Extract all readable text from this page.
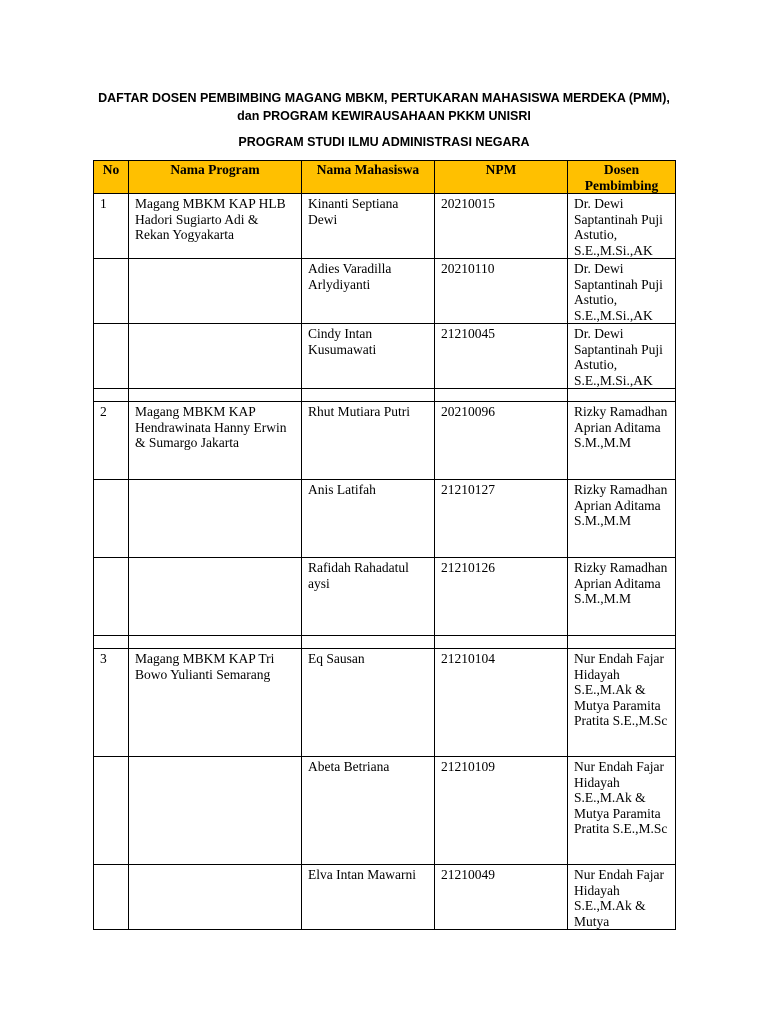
DAFTAR DOSEN PEMBIMBING MAGANG MBKM, PERTUKARAN MAHASISWA MERDEKA (PMM),
dan PROGRAM KEWIRAUSAHAAN PKKM UNISRI
PROGRAM STUDI ILMU ADMINISTRASI NEGARA
No	Nama Program	Nama Mahasiswa	NPM	Dosen Pembimbing
1	Magang MBKM KAP HLB Hadori Sugiarto Adi & Rekan Yogyakarta	Kinanti Septiana Dewi	20210015	Dr. Dewi Saptantinah Puji Astutio, S.E.,M.Si.,AK
		Adies Varadilla Arlydiyanti	20210110	Dr. Dewi Saptantinah Puji Astutio, S.E.,M.Si.,AK
		Cindy Intan Kusumawati	21210045	Dr. Dewi Saptantinah Puji Astutio, S.E.,M.Si.,AK

2	Magang MBKM KAP Hendrawinata Hanny Erwin & Sumargo Jakarta	Rhut Mutiara Putri	20210096	Rizky Ramadhan Aprian Aditama S.M.,M.M
		Anis Latifah	21210127	Rizky Ramadhan Aprian Aditama S.M.,M.M
		Rafidah Rahadatul aysi	21210126	Rizky Ramadhan Aprian Aditama S.M.,M.M

3	Magang MBKM KAP Tri Bowo Yulianti Semarang	Eq Sausan	21210104	Nur Endah Fajar Hidayah S.E.,M.Ak & Mutya Paramita Pratita S.E.,M.Sc
		Abeta Betriana	21210109	Nur Endah Fajar Hidayah S.E.,M.Ak & Mutya Paramita Pratita S.E.,M.Sc
		Elva Intan Mawarni	21210049	Nur Endah Fajar Hidayah S.E.,M.Ak & Mutya
